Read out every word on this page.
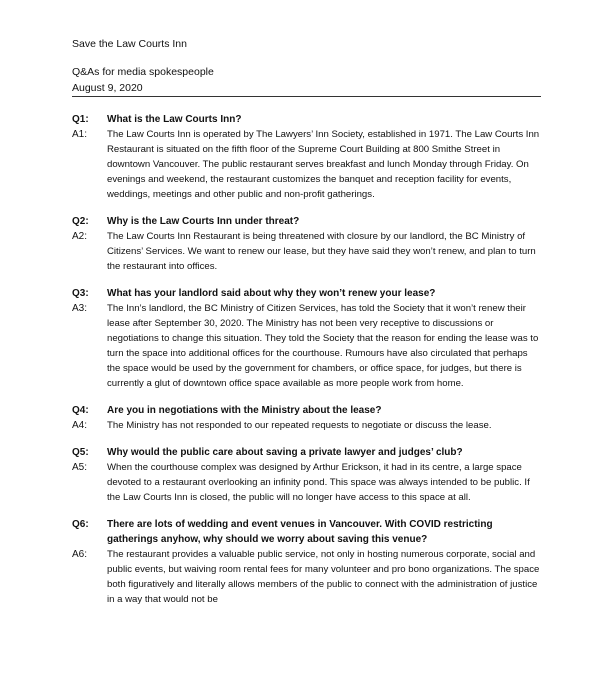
Save the Law Courts Inn
Q&As for media spokespeople
August 9, 2020
Q1:	What is the Law Courts Inn?
A1:	The Law Courts Inn is operated by The Lawyers’ Inn Society, established in 1971. The Law Courts Inn Restaurant is situated on the fifth floor of the Supreme Court Building at 800 Smithe Street in downtown Vancouver. The public restaurant serves breakfast and lunch Monday through Friday. On evenings and weekend, the restaurant customizes the banquet and reception facility for events, weddings, meetings and other public and non-profit gatherings.
Q2:	Why is the Law Courts Inn under threat?
A2:	The Law Courts Inn Restaurant is being threatened with closure by our landlord, the BC Ministry of Citizens’ Services. We want to renew our lease, but they have said they won’t renew, and plan to turn the restaurant into offices.
Q3:	What has your landlord said about why they won’t renew your lease?
A3:	The Inn’s landlord, the BC Ministry of Citizen Services, has told the Society that it won’t renew their lease after September 30, 2020. The Ministry has not been very receptive to discussions or negotiations to change this situation. They told the Society that the reason for ending the lease was to turn the space into additional offices for the courthouse. Rumours have also circulated that perhaps the space would be used by the government for chambers, or office space, for judges, but there is currently a glut of downtown office space available as more people work from home.
Q4:	Are you in negotiations with the Ministry about the lease?
A4:	The Ministry has not responded to our repeated requests to negotiate or discuss the lease.
Q5:	Why would the public care about saving a private lawyer and judges’ club?
A5:	When the courthouse complex was designed by Arthur Erickson, it had in its centre, a large space devoted to a restaurant overlooking an infinity pond. This space was always intended to be public. If the Law Courts Inn is closed, the public will no longer have access to this space at all.
Q6:	There are lots of wedding and event venues in Vancouver. With COVID restricting gatherings anyhow, why should we worry about saving this venue?
A6:	The restaurant provides a valuable public service, not only in hosting numerous corporate, social and public events, but waiving room rental fees for many volunteer and pro bono organizations. The space both figuratively and literally allows members of the public to connect with the administration of justice in a way that would not be
